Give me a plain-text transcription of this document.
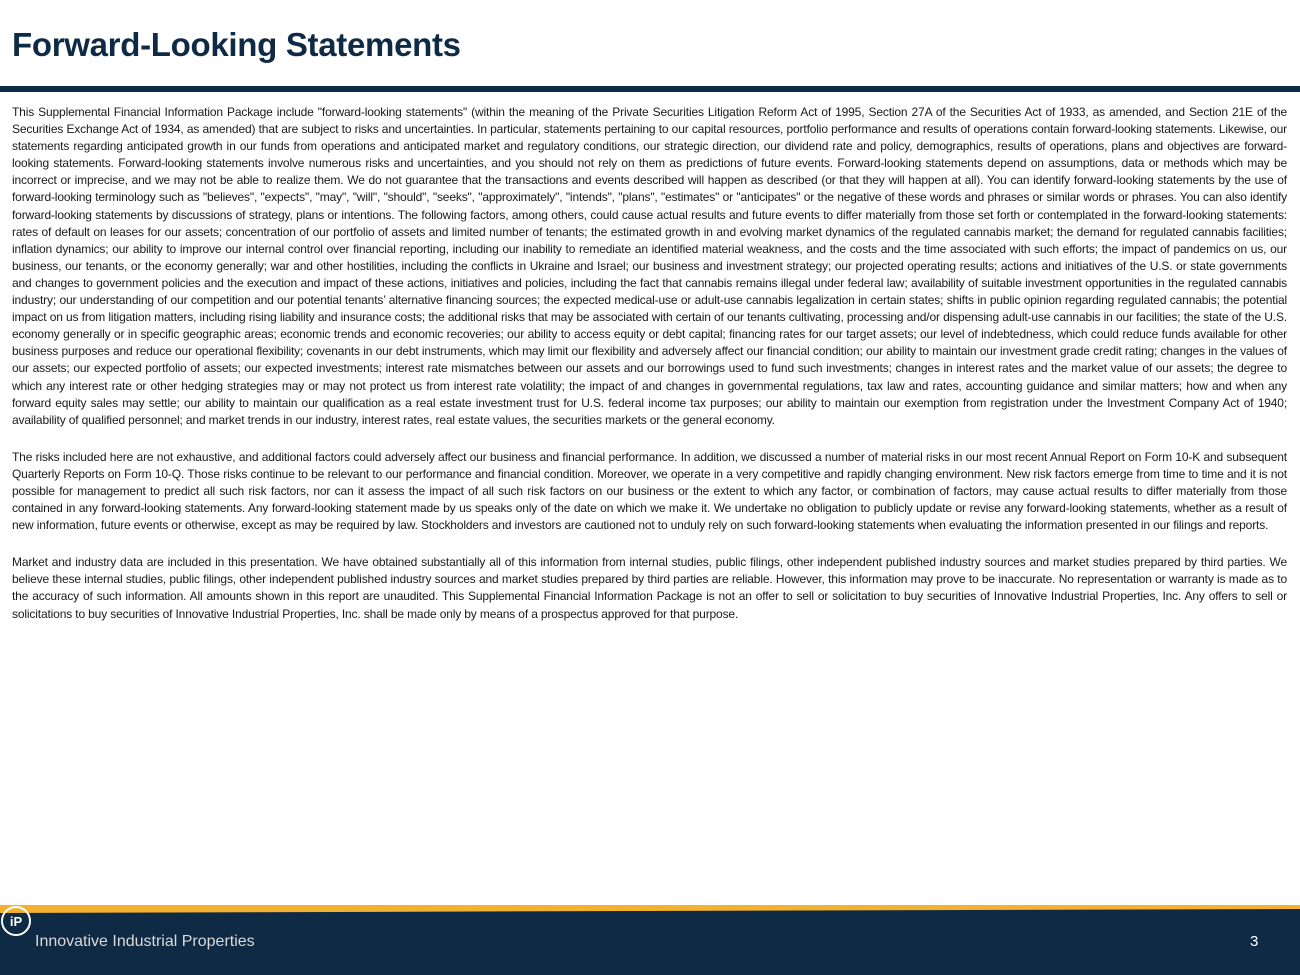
Forward-Looking Statements

This Supplemental Financial Information Package include "forward-looking statements" (within the meaning of the Private Securities Litigation Reform Act of 1995, Section 27A of the Securities Act of 1933, as amended, and Section 21E of the Securities Exchange Act of 1934, as amended) that are subject to risks and uncertainties. In particular, statements pertaining to our capital resources, portfolio performance and results of operations contain forward-looking statements. Likewise, our statements regarding anticipated growth in our funds from operations and anticipated market and regulatory conditions, our strategic direction, our dividend rate and policy, demographics, results of operations, plans and objectives are forward-looking statements. Forward-looking statements involve numerous risks and uncertainties, and you should not rely on them as predictions of future events. Forward-looking statements depend on assumptions, data or methods which may be incorrect or imprecise, and we may not be able to realize them. We do not guarantee that the transactions and events described will happen as described (or that they will happen at all). You can identify forward-looking statements by the use of forward-looking terminology such as "believes", "expects", "may", "will", "should", "seeks", "approximately", "intends", "plans", "estimates" or "anticipates" or the negative of these words and phrases or similar words or phrases. You can also identify forward-looking statements by discussions of strategy, plans or intentions. The following factors, among others, could cause actual results and future events to differ materially from those set forth or contemplated in the forward-looking statements: rates of default on leases for our assets; concentration of our portfolio of assets and limited number of tenants; the estimated growth in and evolving market dynamics of the regulated cannabis market; the demand for regulated cannabis facilities; inflation dynamics; our ability to improve our internal control over financial reporting, including our inability to remediate an identified material weakness, and the costs and the time associated with such efforts; the impact of pandemics on us, our business, our tenants, or the economy generally; war and other hostilities, including the conflicts in Ukraine and Israel; our business and investment strategy; our projected operating results; actions and initiatives of the U.S. or state governments and changes to government policies and the execution and impact of these actions, initiatives and policies, including the fact that cannabis remains illegal under federal law; availability of suitable investment opportunities in the regulated cannabis industry; our understanding of our competition and our potential tenants’ alternative financing sources; the expected medical-use or adult-use cannabis legalization in certain states; shifts in public opinion regarding regulated cannabis; the potential impact on us from litigation matters, including rising liability and insurance costs; the additional risks that may be associated with certain of our tenants cultivating, processing and/or dispensing adult-use cannabis in our facilities; the state of the U.S. economy generally or in specific geographic areas; economic trends and economic recoveries; our ability to access equity or debt capital; financing rates for our target assets; our level of indebtedness, which could reduce funds available for other business purposes and reduce our operational flexibility; covenants in our debt instruments, which may limit our flexibility and adversely affect our financial condition; our ability to maintain our investment grade credit rating; changes in the values of our assets; our expected portfolio of assets; our expected investments; interest rate mismatches between our assets and our borrowings used to fund such investments; changes in interest rates and the market value of our assets; the degree to which any interest rate or other hedging strategies may or may not protect us from interest rate volatility; the impact of and changes in governmental regulations, tax law and rates, accounting guidance and similar matters; how and when any forward equity sales may settle; our ability to maintain our qualification as a real estate investment trust for U.S. federal income tax purposes; our ability to maintain our exemption from registration under the Investment Company Act of 1940; availability of qualified personnel; and market trends in our industry, interest rates, real estate values, the securities markets or the general economy.

The risks included here are not exhaustive, and additional factors could adversely affect our business and financial performance. In addition, we discussed a number of material risks in our most recent Annual Report on Form 10-K and subsequent Quarterly Reports on Form 10-Q. Those risks continue to be relevant to our performance and financial condition. Moreover, we operate in a very competitive and rapidly changing environment. New risk factors emerge from time to time and it is not possible for management to predict all such risk factors, nor can it assess the impact of all such risk factors on our business or the extent to which any factor, or combination of factors, may cause actual results to differ materially from those contained in any forward-looking statements. Any forward-looking statement made by us speaks only of the date on which we make it. We undertake no obligation to publicly update or revise any forward-looking statements, whether as a result of new information, future events or otherwise, except as may be required by law. Stockholders and investors are cautioned not to unduly rely on such forward-looking statements when evaluating the information presented in our filings and reports.

Market and industry data are included in this presentation. We have obtained substantially all of this information from internal studies, public filings, other independent published industry sources and market studies prepared by third parties. We believe these internal studies, public filings, other independent published industry sources and market studies prepared by third parties are reliable. However, this information may prove to be inaccurate. No representation or warranty is made as to the accuracy of such information. All amounts shown in this report are unaudited. This Supplemental Financial Information Package is not an offer to sell or solicitation to buy securities of Innovative Industrial Properties, Inc. Any offers to sell or solicitations to buy securities of Innovative Industrial Properties, Inc. shall be made only by means of a prospectus approved for that purpose.

Innovative Industrial Properties
iP
3
